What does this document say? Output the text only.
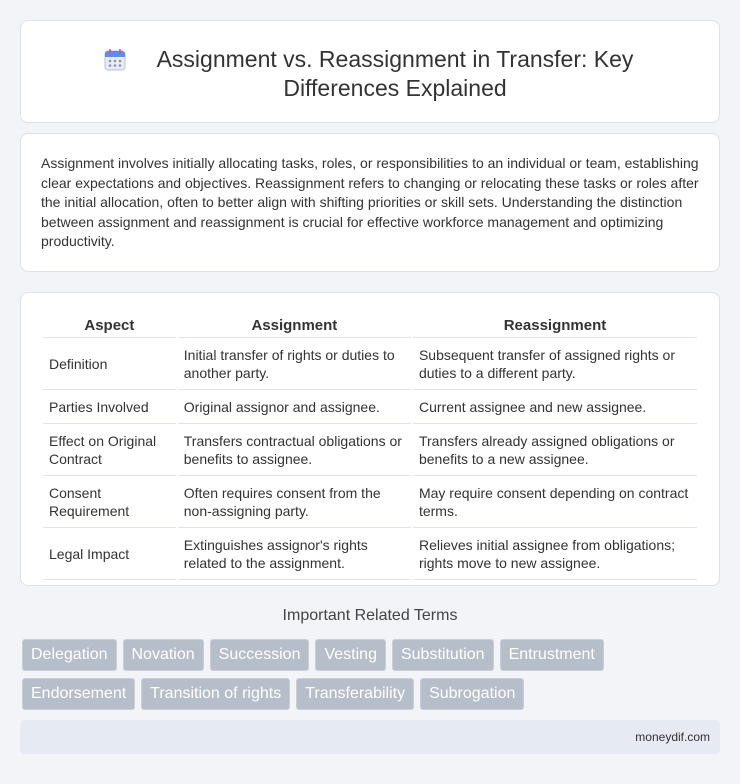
Assignment vs. Reassignment in Transfer: Key Differences Explained

Assignment involves initially allocating tasks, roles, or responsibilities to an individual or team, establishing clear expectations and objectives. Reassignment refers to changing or relocating these tasks or roles after the initial allocation, often to better align with shifting priorities or skill sets. Understanding the distinction between assignment and reassignment is crucial for effective workforce management and optimizing productivity.

Aspect	Assignment	Reassignment
Definition	Initial transfer of rights or duties to another party.	Subsequent transfer of assigned rights or duties to a different party.
Parties Involved	Original assignor and assignee.	Current assignee and new assignee.
Effect on Original Contract	Transfers contractual obligations or benefits to assignee.	Transfers already assigned obligations or benefits to a new assignee.
Consent Requirement	Often requires consent from the non-assigning party.	May require consent depending on contract terms.
Legal Impact	Extinguishes assignor's rights related to the assignment.	Relieves initial assignee from obligations; rights move to new assignee.
Important Related Terms
Delegation	Novation	Succession	Vesting	Substitution	Entrustment
Endorsement	Transition of rights	Transferability	Subrogation
moneydif.com
